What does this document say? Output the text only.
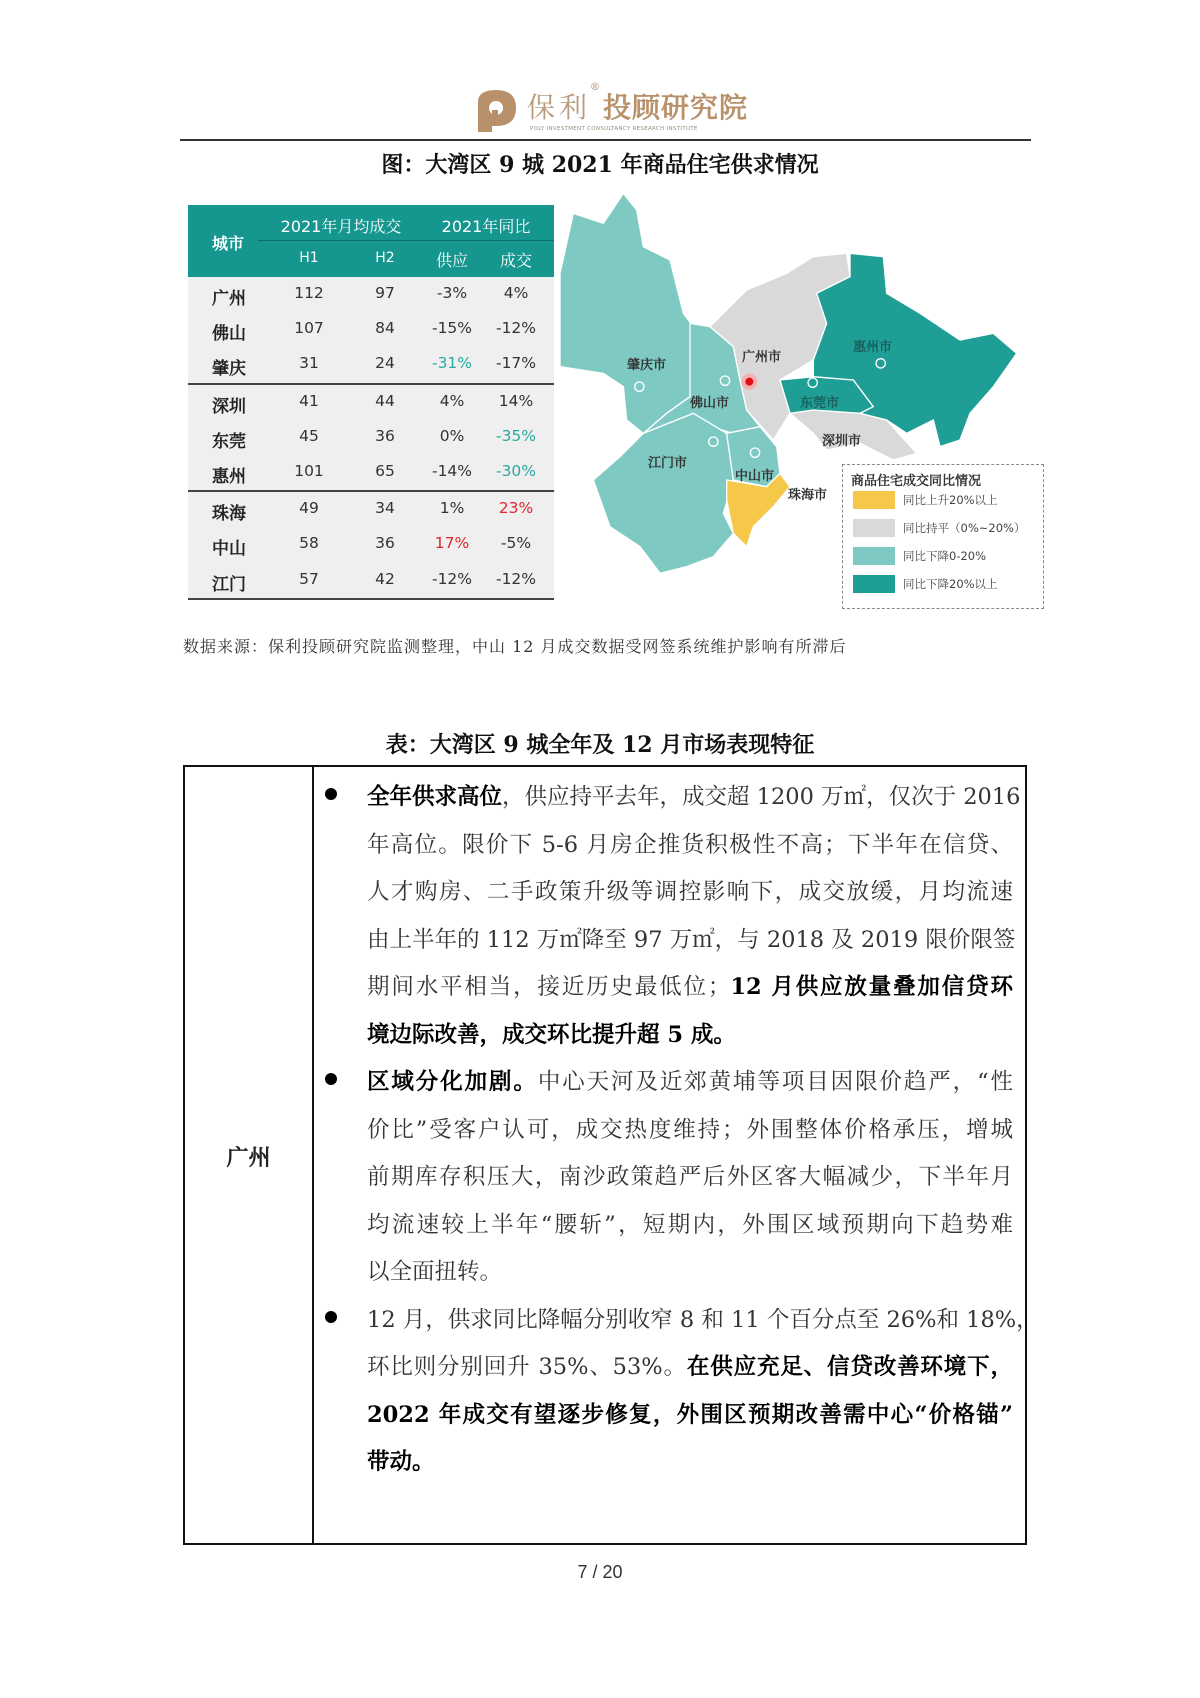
保利
®
投顾研究院
POLY INVESTMENT CONSULTANCY RESEARCH INSTITUTE
图：大湾区 9 城 2021 年商品住宅供求情况
城市
2021年月均成交	2021年同比
H1	H2	供应 成交
广州	112	97	-3% 4%
佛山	107	84 -15% -12%
肇庆	31	24 -31% -17%
深圳	41	44	4% 14%
东莞	45	36	0% -35%
惠州	101	65 -14% -30%
珠海	49	34	1% 23%
中山	58	36	17% -5%
江门	57	42 -12% -12%
肇庆市
广州市
惠州市
佛山市	东莞市
深圳市
江门市
中山市
珠海市
商品住宅成交同比情况
同比上升20%以上
同比持平（0%~20%）
同比下降0-20%
同比下降20%以上
数据来源：保利投顾研究院监测整理，中山 12 月成交数据受网签系统维护影响有所滞后
表：大湾区 9 城全年及 12 月市场表现特征
广州
全年供求高位，供应持平去年，成交超 1200 万㎡，仅次于 2016
年高位。限价下 5-6 月房企推货积极性不高；下半年在信贷、
人才购房、二手政策升级等调控影响下，成交放缓，月均流速
由上半年的 112 万㎡降至 97 万㎡，与 2018 及 2019 限价限签
期间水平相当，接近历史最低位；12 月供应放量叠加信贷环
境边际改善，成交环比提升超 5 成。
区域分化加剧。中心天河及近郊黄埔等项目因限价趋严，“性
价比”受客户认可，成交热度维持；外围整体价格承压，增城
前期库存积压大，南沙政策趋严后外区客大幅减少，下半年月
均流速较上半年“腰斩”，短期内，外围区域预期向下趋势难
以全面扭转。
12 月，供求同比降幅分别收窄 8 和 11 个百分点至 26%和 18%，
环比则分别回升 35%、53%。在供应充足、信贷改善环境下，
2022 年成交有望逐步修复，外围区预期改善需中心“价格锚”
带动。
7 / 20
